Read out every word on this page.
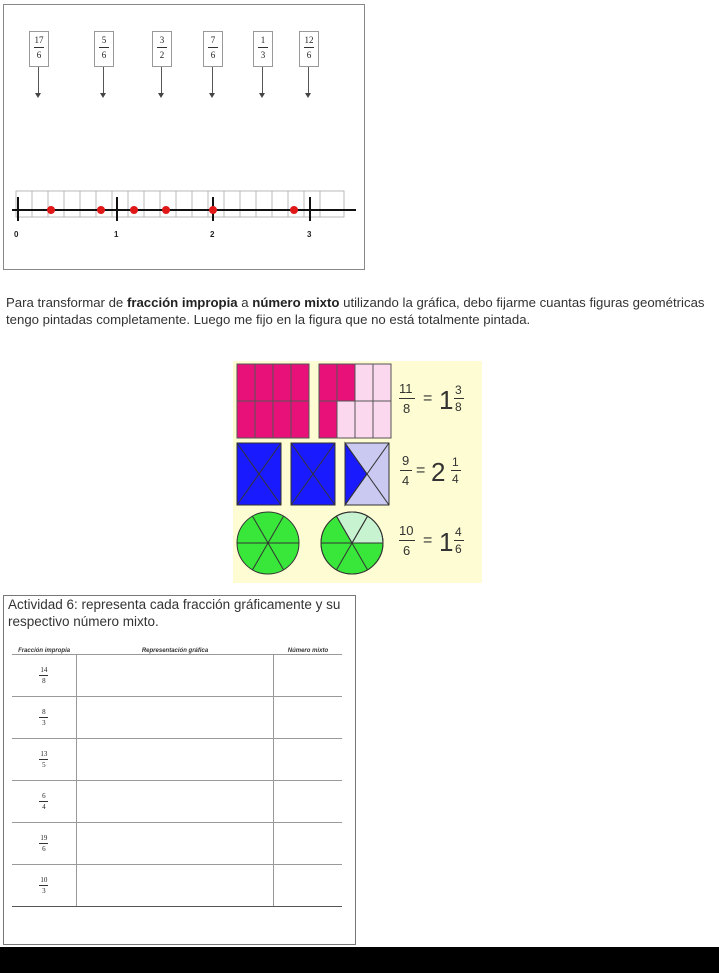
17
6
5
6
3
2
7
6
1
3
12
6
0	1	2	3
Para transformar de fracción impropia a número mixto utilizando la gráfica, debo fijarme cuantas figuras geométricas tengo pintadas completamente. Luego me fijo en la figura que no está totalmente pintada.
11
8
= 1 3
8
9
4
= 2 1
4
10
6
= 1 4
6
Actividad 6: representa cada fracción gráficamente y su respectivo número mixto.
Fracción impropia	Representación gráfica	Número mixto

14
8		

8
3		

13
5		

6
4		

19
6		

10
3		
